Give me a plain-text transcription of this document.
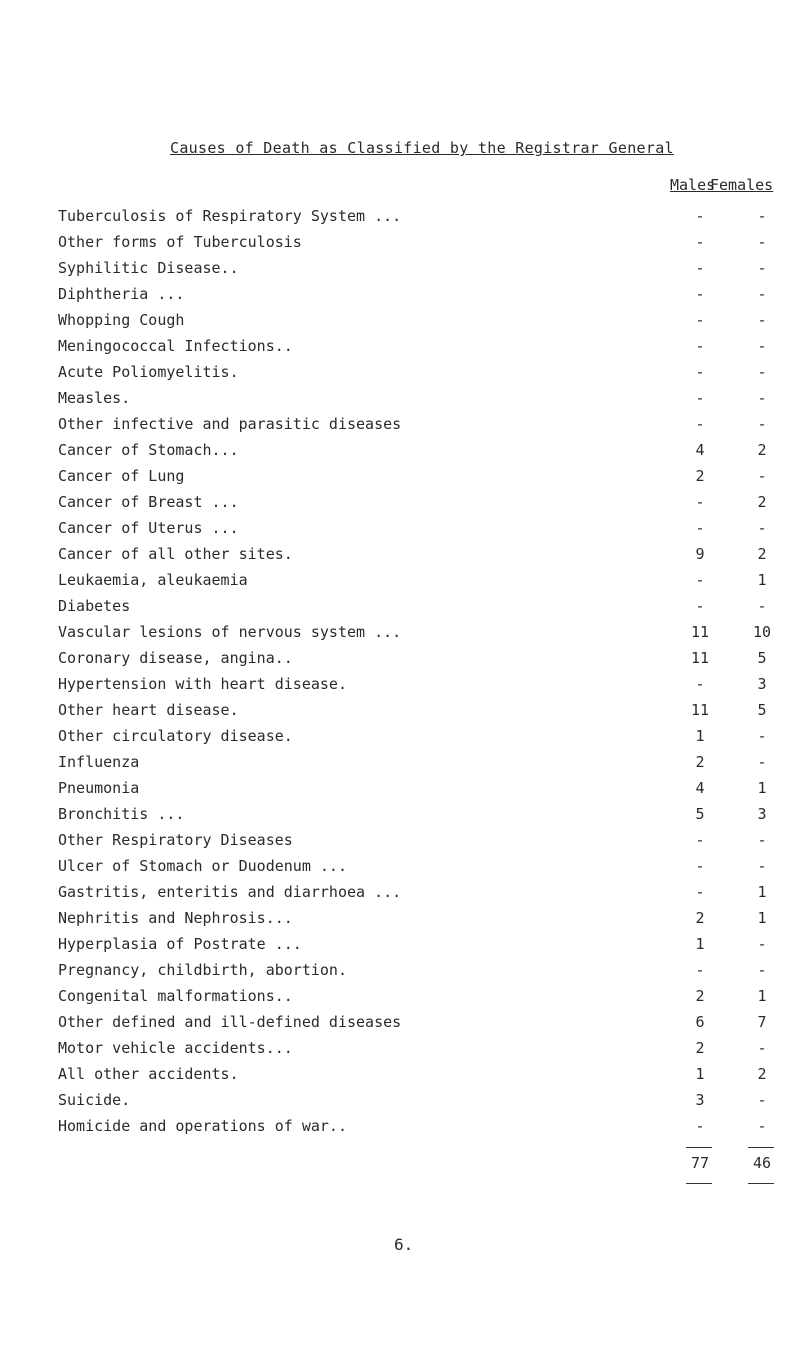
Causes of Death as Classified by the Registrar General
Males
Females
Tuberculosis of Respiratory System ...	-	-
Other forms of Tuberculosis	-	-
Syphilitic Disease..	-	-
Diphtheria ...	-	-
Whopping Cough	-	-
Meningococcal Infections..	-	-
Acute Poliomyelitis.	-	-
Measles.	-	-
Other infective and parasitic diseases	-	-
Cancer of Stomach...	4	2
Cancer of Lung	2	-
Cancer of Breast ...	-	2
Cancer of Uterus ...	-	-
Cancer of all other sites.	9	2
Leukaemia, aleukaemia	-	1
Diabetes	-	-
Vascular lesions of nervous system ...	11	10
Coronary disease, angina..	11	5
Hypertension with heart disease.	-	3
Other heart disease.	11	5
Other circulatory disease.	1	-
Influenza	2	-
Pneumonia	4	1
Bronchitis ...	5	3
Other Respiratory Diseases	-	-
Ulcer of Stomach or Duodenum ...	-	-
Gastritis, enteritis and diarrhoea ...	-	1
Nephritis and Nephrosis...	2	1
Hyperplasia of Postrate ...	1	-
Pregnancy, childbirth, abortion.	-	-
Congenital malformations..	2	1
Other defined and ill-defined diseases	6	7
Motor vehicle accidents...	2	-
All other accidents.	1	2
Suicide.	3	-
Homicide and operations of war..	-	-
77	46
6.
